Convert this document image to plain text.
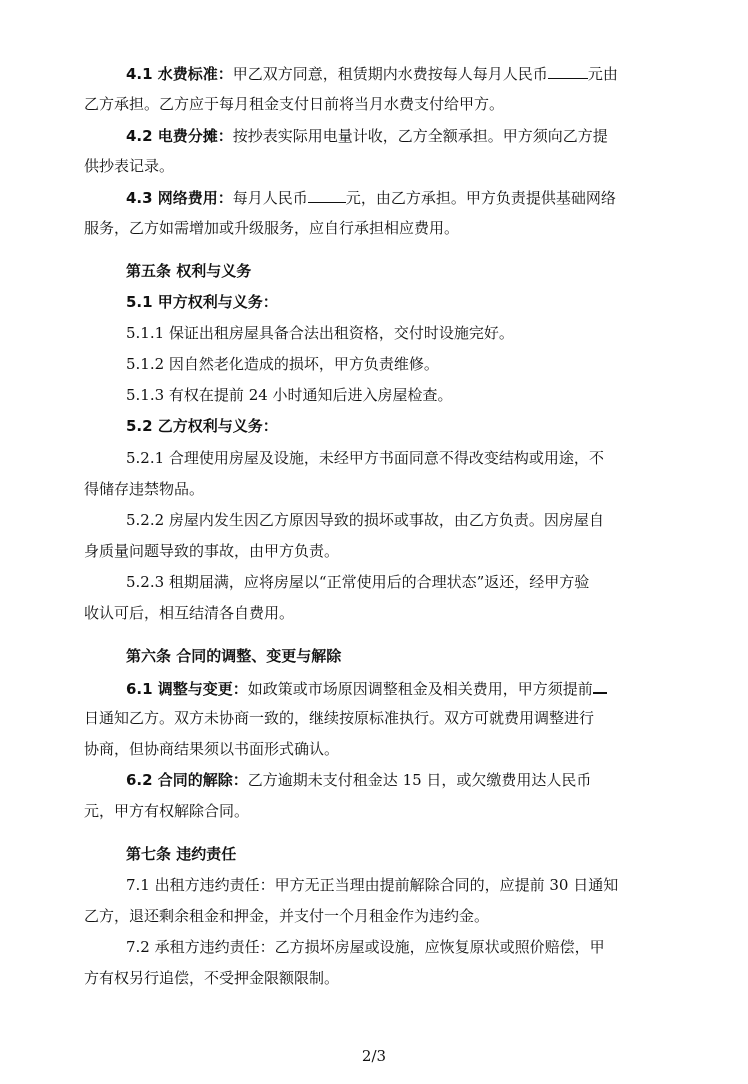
4.1 水费标准：甲乙双方同意，租赁期内水费按每人每月人民币	元由
乙方承担。乙方应于每月租金支付日前将当月水费支付给甲方。
4.2 电费分摊：按抄表实际用电量计收，乙方全额承担。甲方须向乙方提
供抄表记录。
4.3 网络费用：每月人民币	元，由乙方承担。甲方负责提供基础网络
服务，乙方如需增加或升级服务，应自行承担相应费用。
第五条 权利与义务
5.1 甲方权利与义务：
5.1.1 保证出租房屋具备合法出租资格，交付时设施完好。
5.1.2 因自然老化造成的损坏，甲方负责维修。
5.1.3 有权在提前 24 小时通知后进入房屋检查。
5.2 乙方权利与义务：
5.2.1 合理使用房屋及设施，未经甲方书面同意不得改变结构或用途，不
得储存违禁物品。
5.2.2 房屋内发生因乙方原因导致的损坏或事故，由乙方负责。因房屋自
身质量问题导致的事故，由甲方负责。
5.2.3 租期届满，应将房屋以“正常使用后的合理状态”返还，经甲方验
收认可后，相互结清各自费用。
第六条 合同的调整、变更与解除
6.1 调整与变更：如政策或市场原因调整租金及相关费用，甲方须提前
日通知乙方。双方未协商一致的，继续按原标准执行。双方可就费用调整进行
协商，但协商结果须以书面形式确认。
6.2 合同的解除：乙方逾期未支付租金达 15 日，或欠缴费用达人民币
元，甲方有权解除合同。
第七条 违约责任
7.1 出租方违约责任：甲方无正当理由提前解除合同的，应提前 30 日通知
乙方，退还剩余租金和押金，并支付一个月租金作为违约金。
7.2 承租方违约责任：乙方损坏房屋或设施，应恢复原状或照价赔偿，甲
方有权另行追偿，不受押金限额限制。
2/3
